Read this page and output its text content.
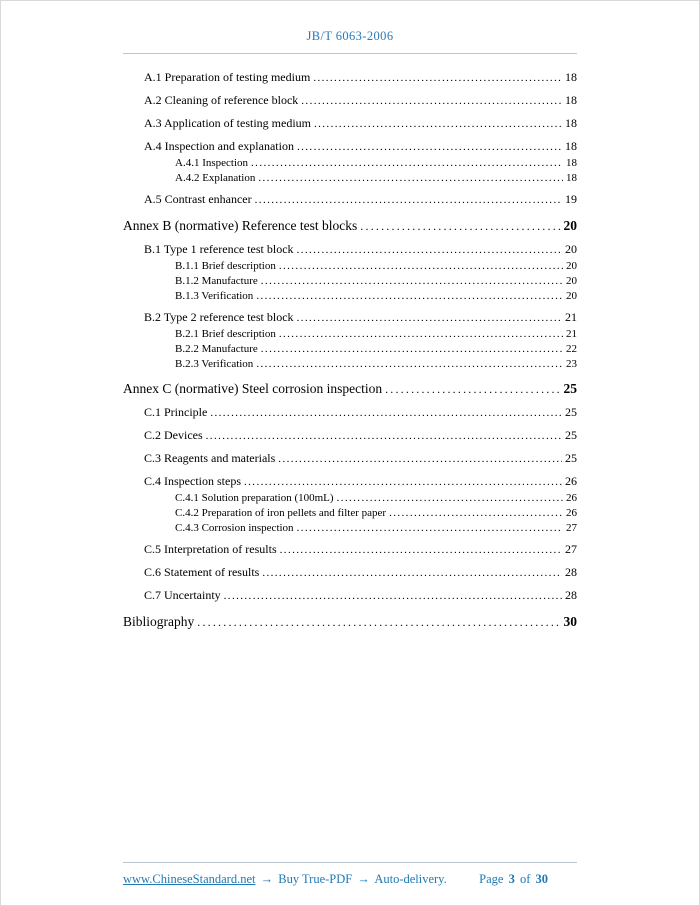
JB/T 6063-2006
A.1 Preparation of testing medium .....	18
A.2 Cleaning of reference block .....	18
A.3 Application of testing medium .....	18
A.4 Inspection and explanation .....	18
A.4.1 Inspection .....	18
A.4.2 Explanation .....	18
A.5 Contrast enhancer .....	19
Annex B (normative) Reference test blocks .....	20
B.1 Type 1 reference test block .....	20
B.1.1 Brief description .....	20
B.1.2 Manufacture .....	20
B.1.3 Verification .....	20
B.2 Type 2 reference test block .....	21
B.2.1 Brief description .....	21
B.2.2 Manufacture .....	22
B.2.3 Verification .....	23
Annex C (normative) Steel corrosion inspection .....	25
C.1 Principle .....	25
C.2 Devices .....	25
C.3 Reagents and materials .....	25
C.4 Inspection steps .....	26
C.4.1 Solution preparation (100mL) .....	26
C.4.2 Preparation of iron pellets and filter paper .....	26
C.4.3 Corrosion inspection .....	27
C.5 Interpretation of results .....	27
C.6 Statement of results .....	28
C.7 Uncertainty .....	28
Bibliography .....	30
www.ChineseStandard.net → Buy True-PDF → Auto-delivery.	Page 3 of 30
